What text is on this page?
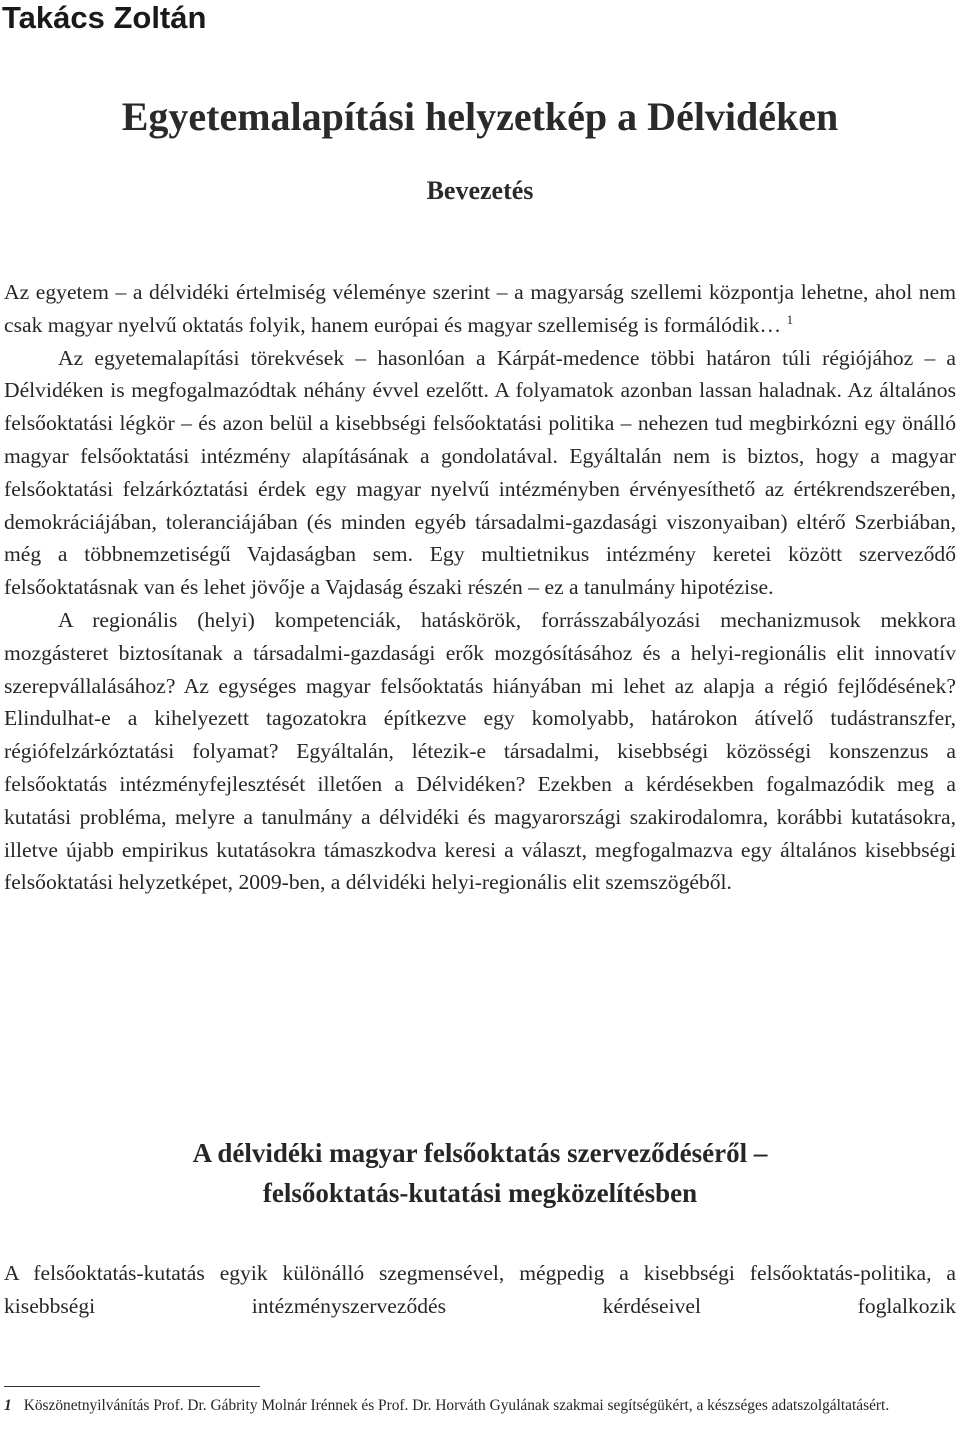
Takács Zoltán
Egyetemalapítási helyzetkép a Délvidéken
Bevezetés

Az egyetem – a délvidéki értelmiség véleménye szerint – a magyarság szellemi központja lehetne, ahol nem csak magyar nyelvű oktatás folyik, hanem európai és magyar szellemiség is formálódik… $^1$

Az egyetemalapítási törekvések – hasonlóan a Kárpát-medence többi határon túli régiójához – a Délvidéken is megfogalmazódtak néhány évvel ezelőtt. A folyamatok azonban lassan haladnak. Az általános felsőoktatási légkör – és azon belül a kisebbségi felsőoktatási politika – nehezen tud megbirkózni egy önálló magyar felsőoktatási intézmény alapításának a gondolatával. Egyáltalán nem is biztos, hogy a magyar felsőoktatási felzárkóztatási érdek egy magyar nyelvű intézményben érvényesíthető az értékrendszerében, demokráciájában, toleranciájában (és minden egyéb társadalmi-gazdasági viszonyaiban) eltérő Szerbiában, még a többnemzetiségű Vajdaságban sem. Egy multietnikus intézmény keretei között szerveződő felsőoktatásnak van és lehet jövője a Vajdaság északi részén – ez a tanulmány hipotézise.

A regionális (helyi) kompetenciák, hatáskörök, forrásszabályozási mechanizmusok mekkora mozgásteret biztosítanak a társadalmi-gazdasági erők mozgósításához és a helyi-regionális elit innovatív szerepvállalásához? Az egységes magyar felsőoktatás hiányában mi lehet az alapja a régió fejlődésének? Elindulhat-e a kihelyezett tagozatokra építkezve egy komolyabb, határokon átívelő tudástranszfer, régiófelzárkóztatási folyamat? Egyáltalán, létezik-e társadalmi, kisebbségi közösségi konszenzus a felsőoktatás intézményfejlesztését illetően a Délvidéken? Ezekben a kérdésekben fogalmazódik meg a kutatási probléma, melyre a tanulmány a délvidéki és magyarországi szakirodalomra, korábbi kutatásokra, illetve újabb empirikus kutatásokra támaszkodva keresi a választ, megfogalmazva egy általános kisebbségi felsőoktatási helyzetképet, 2009-ben, a délvidéki helyi-regionális elit szemszögéből.

A délvidéki magyar felsőoktatás szerveződéséről –
felsőoktatás-kutatási megközelítésben

A felsőoktatás-kutatás egyik különálló szegmensével, mégpedig a kisebbségi felsőoktatás-politika, a kisebbségi intézményszerveződés kérdéseivel foglalkozik

1 Köszönetnyilvánítás Prof. Dr. Gábrity Molnár Irénnek és Prof. Dr. Horváth Gyulának szakmai segítségükért, a készséges adatszolgáltatásért.
